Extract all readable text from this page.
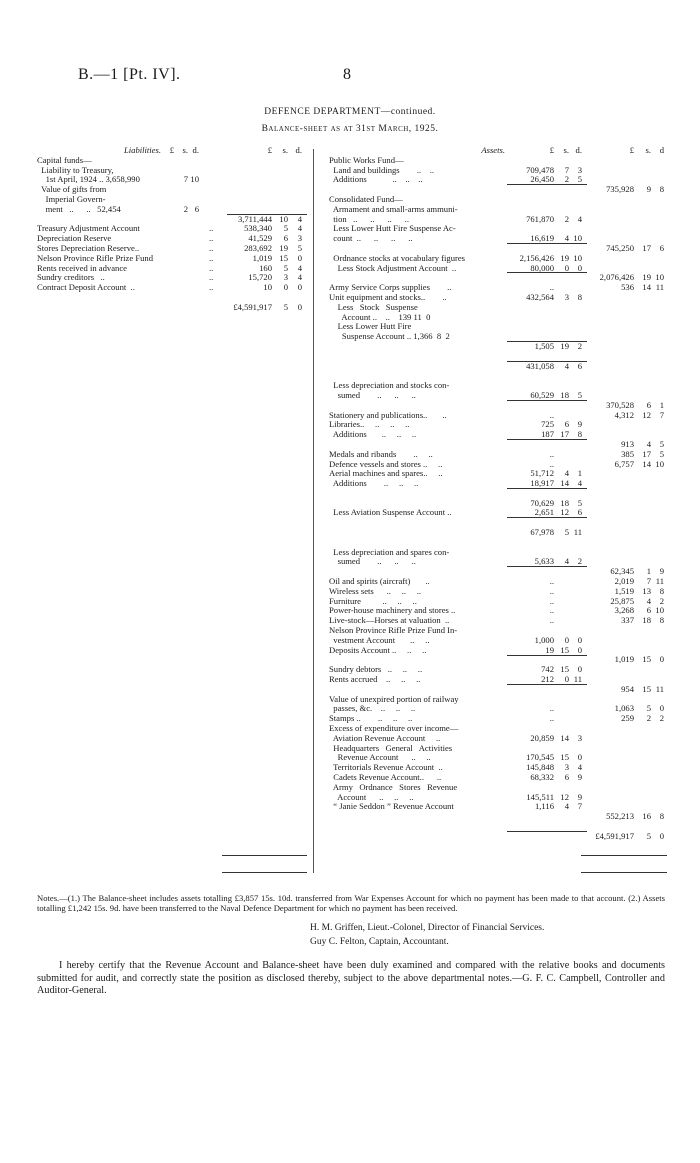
B.—1 [Pt. IV].	8
DEFENCE DEPARTMENT—continued.
Balance-sheet as at 31st March, 1925.
Liabilities. £ s. d.	£ s. d.
Capital funds—
Liability to Treasury,
1st April, 1924 .. 3,658,990	7 10
Value of gifts from
Imperial Govern-
ment   ..      ..   52,454	2 6
3,711,444 10 4
Treasury Adjustment Account	..	538,340 5 4
Depreciation Reserve	..	41,529 6 3
Stores Depreciation Reserve..	..	283,692 19 5
Nelson Province Rifle Prize Fund	..	1,019 15 0
Rents received in advance	..	160 5 4
Sundry creditors   ..	..	15,720 3 4
Contract Deposit Account  ..	..	10 0 0
£4,591,917 5 0
Assets.	£ s. d.	£ s. d
Public Works Fund—
Land and buildings        ..    ..	709,478 7 3
Additions            ..    ..    ..	26,450 2 5
735,928 9 8
Consolidated Fund—
Armament and small-arms ammuni-
tion   ..      ..      ..      ..	761,870 2 4
Less Lower Hutt Fire Suspense Ac-
count  ..      ..      ..      ..	16,619 4 10
745,250 17 6
Ordnance stocks at vocabulary figures	2,156,426 19 10
Less Stock Adjustment Account  ..	80,000 0 0
2,076,426 19 10
Army Service Corps supplies        ..	..	536 14 11
Unit equipment and stocks..        ..	432,564 3 8
Less   Stock   Suspense
Account ..    ..    139 11  0
Less Lower Hutt Fire
Suspense Account .. 1,366  8  2
1,505 19 2
431,058 4 6
Less depreciation and stocks con-
sumed        ..      ..      ..	60,529 18 5
370,528 6 1
Stationery and publications..       ..	..	4,312 12 7
Libraries..     ..     ..     ..	725 6 9
Additions       ..     ..     ..	187 17 8
913 4 5
Medals and ribands        ..     ..	..	385 17 5
Defence vessels and stores ..     ..	..	6,757 14 10
Aerial machines and spares..     ..	51,712 4 1
Additions        ..     ..     ..	18,917 14 4
70,629 18 5
Less Aviation Suspense Account ..	2,651 12 6
67,978 5 11
Less depreciation and spares con-
sumed        ..      ..      ..	5,633 4 2
62,345 1 9
Oil and spirits (aircraft)       ..	..	2,019 7 11
Wireless sets      ..     ..     ..	..	1,519 13 8
Furniture          ..     ..     ..	..	25,875 4 2
Power-house machinery and stores ..	..	3,268 6 10
Live-stock—Horses at valuation  ..	..	337 18 8
Nelson Province Rifle Prize Fund In-
vestment Account       ..     ..	1,000 0 0
Deposits Account ..     ..     ..	19 15 0
1,019 15 0
Sundry debtors   ..     ..     ..	742 15 0
Rents accrued    ..     ..     ..	212 0 11
954 15 11
Value of unexpired portion of railway
passes, &c.    ..     ..     ..	..	1,063 5 0
Stamps ..        ..     ..     ..	..	259 2 2
Excess of expenditure over income—
Aviation Revenue Account     ..	20,859 14 3
Headquarters   General   Activities
Revenue Account      ..     ..	170,545 15 0
Territorials Revenue Account  ..	145,848 3 4
Cadets Revenue Account..      ..	68,332 6 9
Army   Ordnance   Stores   Revenue
Account      ..     ..     ..	145,511 12 9
“ Janie Seddon ” Revenue Account	1,116 4 7
552,213 16 8
£4,591,917 5 0
Notes.—(1.) The Balance-sheet includes assets totalling £3,857 15s. 10d. transferred from War Expenses Account for which no payment has been made to that account. (2.) Assets totalling £1,242 15s. 9d. have been transferred to the Naval Defence Department for which no payment has been received.
H. M. Griffen, Lieut.-Colonel, Director of Financial Services.
Guy C. Felton, Captain, Accountant.
I hereby certify that the Revenue Account and Balance-sheet have been duly examined and compared with the relative books and documents submitted for audit, and correctly state the position as disclosed thereby, subject to the above departmental notes.—G. F. C. Campbell, Controller and Auditor-General.
